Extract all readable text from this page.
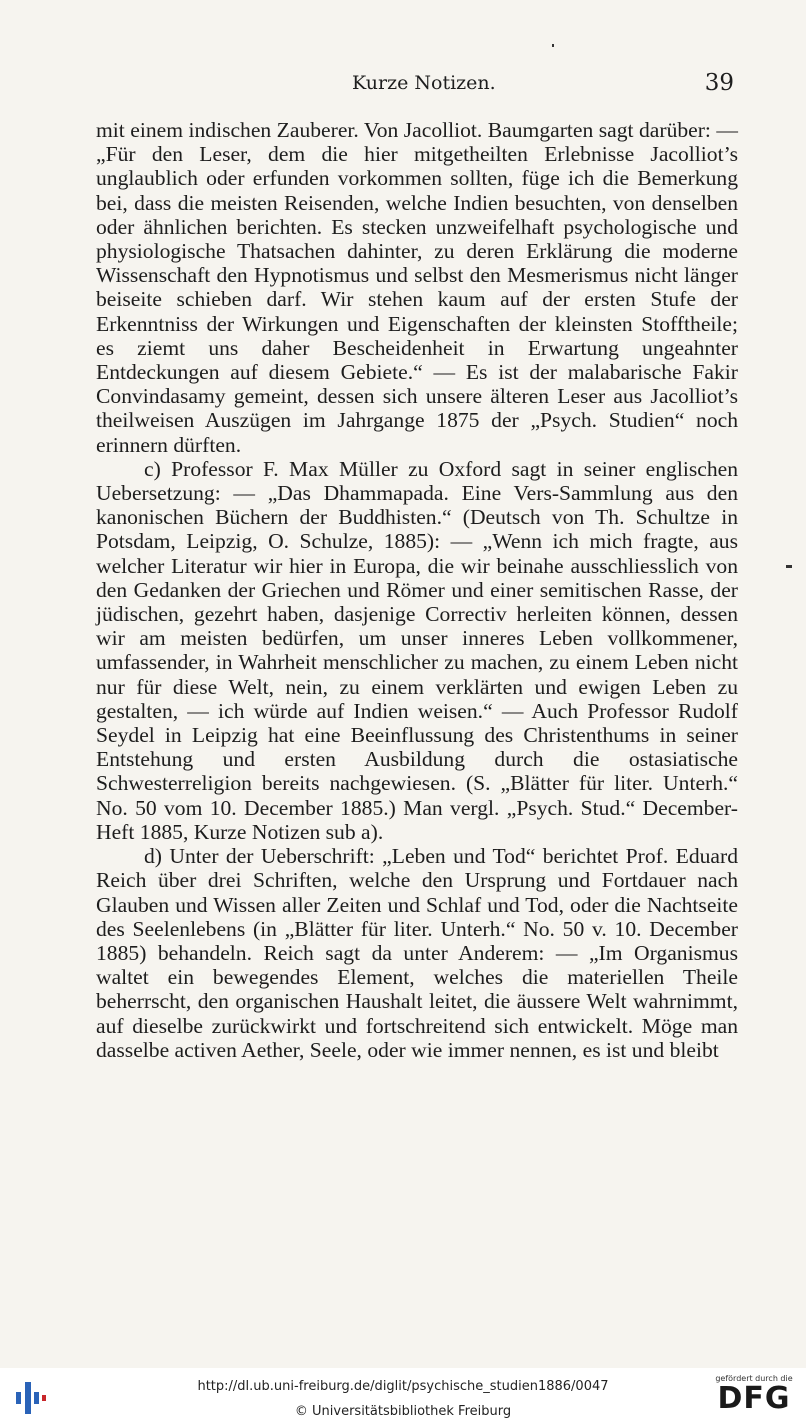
Kurze Notizen.	39

mit einem indischen Zauberer. Von Jacolliot. Baumgarten sagt darüber: — „Für den Leser, dem die hier mitgetheilten Erlebnisse Jacolliot’s unglaublich oder erfunden vorkommen sollten, füge ich die Bemerkung bei, dass die meisten Reisenden, welche Indien besuchten, von denselben oder ähnlichen berichten. Es stecken unzweifelhaft psychologische und physiologische Thatsachen dahinter, zu deren Erklärung die moderne Wissenschaft den Hypnotismus und selbst den Mesmerismus nicht länger beiseite schieben darf. Wir stehen kaum auf der ersten Stufe der Erkenntniss der Wirkungen und Eigenschaften der kleinsten Stofftheile; es ziemt uns daher Bescheidenheit in Erwartung ungeahnter Entdeckungen auf diesem Gebiete.“ — Es ist der malabarische Fakir Convindasamy gemeint, dessen sich unsere älteren Leser aus Jacolliot’s theilweisen Auszügen im Jahrgange 1875 der „Psych. Studien“ noch erinnern dürften.

c) Professor F. Max Müller zu Oxford sagt in seiner englischen Uebersetzung: — „Das Dhammapada. Eine Vers-Sammlung aus den kanonischen Büchern der Buddhisten.“ (Deutsch von Th. Schultze in Potsdam, Leipzig, O. Schulze, 1885): — „Wenn ich mich fragte, aus welcher Literatur wir hier in Europa, die wir beinahe ausschliesslich von den Gedanken der Griechen und Römer und einer semitischen Rasse, der jüdischen, gezehrt haben, dasjenige Correctiv herleiten können, dessen wir am meisten bedürfen, um unser inneres Leben vollkommener, umfassender, in Wahrheit menschlicher zu machen, zu einem Leben nicht nur für diese Welt, nein, zu einem verklärten und ewigen Leben zu gestalten, — ich würde auf Indien weisen.“ — Auch Professor Rudolf Seydel in Leipzig hat eine Beeinflussung des Christenthums in seiner Entstehung und ersten Ausbildung durch die ostasiatische Schwesterreligion bereits nachgewiesen. (S. „Blätter für liter. Unterh.“ No. 50 vom 10. December 1885.) Man vergl. „Psych. Stud.“ December-Heft 1885, Kurze Notizen sub a).

d) Unter der Ueberschrift: „Leben und Tod“ berichtet Prof. Eduard Reich über drei Schriften, welche den Ursprung und Fortdauer nach Glauben und Wissen aller Zeiten und Schlaf und Tod, oder die Nachtseite des Seelenlebens (in „Blätter für liter. Unterh.“ No. 50 v. 10. December 1885) behandeln. Reich sagt da unter Anderem: — „Im Organismus waltet ein bewegendes Element, welches die materiellen Theile beherrscht, den organischen Haushalt leitet, die äussere Welt wahrnimmt, auf dieselbe zurückwirkt und fortschreitend sich entwickelt. Möge man dasselbe activen Aether, Seele, oder wie immer nennen, es ist und bleibt

http://dl.ub.uni-freiburg.de/diglit/psychische_studien1886/0047
© Universitätsbibliothek Freiburg
gefördert durch die
DFG
